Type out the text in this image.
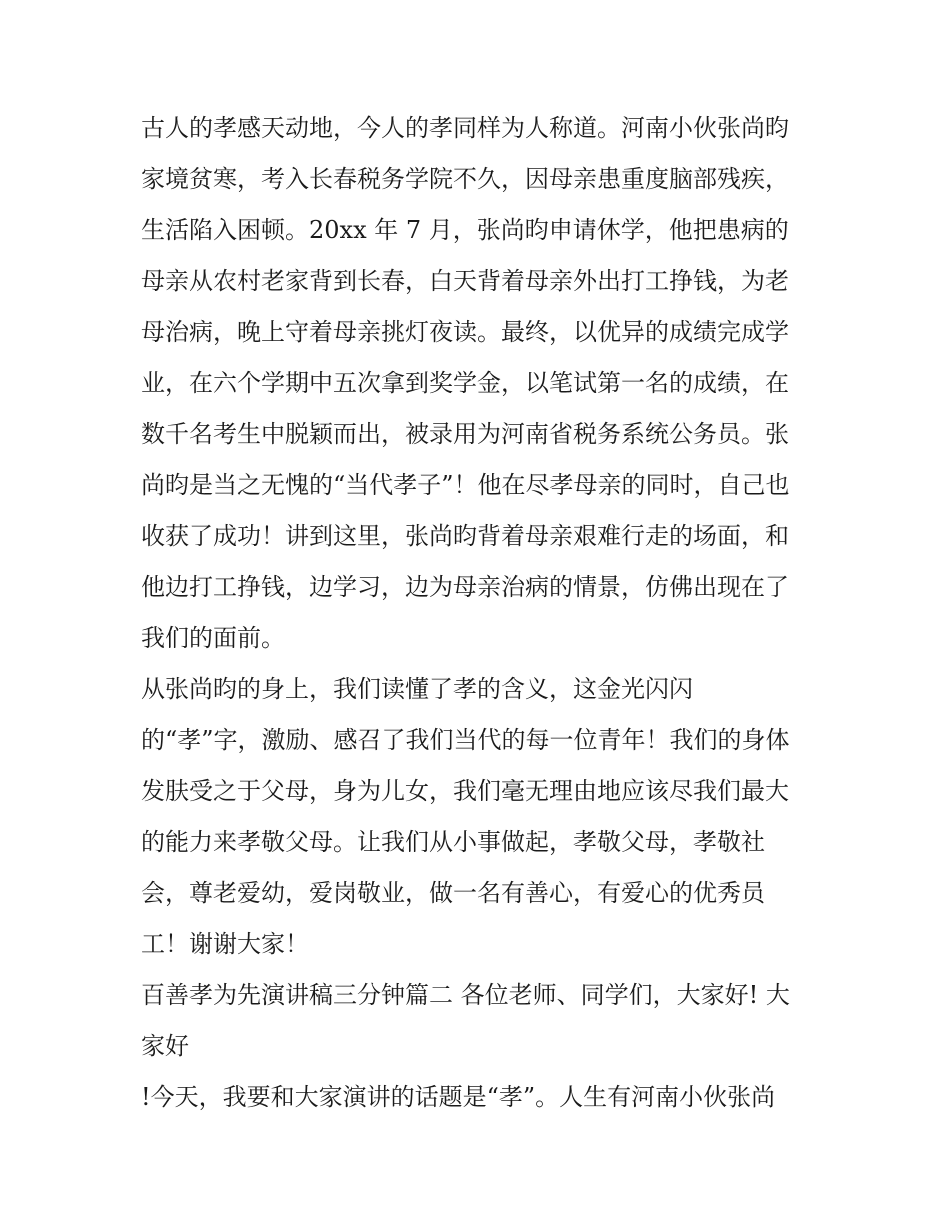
古人的孝感天动地，今人的孝同样为人称道。河南小伙张尚昀
家境贫寒，考入长春税务学院不久，因母亲患重度脑部残疾，
生活陷入困顿。20xx 年 7 月，张尚昀申请休学，他把患病的
母亲从农村老家背到长春，白天背着母亲外出打工挣钱，为老
母治病，晚上守着母亲挑灯夜读。最终，以优异的成绩完成学
业，在六个学期中五次拿到奖学金，以笔试第一名的成绩，在
数千名考生中脱颖而出，被录用为河南省税务系统公务员。张
尚昀是当之无愧的“当代孝子”！他在尽孝母亲的同时，自己也
收获了成功！讲到这里，张尚昀背着母亲艰难行走的场面，和
他边打工挣钱，边学习，边为母亲治病的情景，仿佛出现在了
我们的面前。
从张尚昀的身上，我们读懂了孝的含义，这金光闪闪
的“孝”字，激励、感召了我们当代的每一位青年！我们的身体
发肤受之于父母，身为儿女，我们毫无理由地应该尽我们最大
的能力来孝敬父母。让我们从小事做起，孝敬父母，孝敬社
会，尊老爱幼，爱岗敬业，做一名有善心，有爱心的优秀员
工！谢谢大家！
百善孝为先演讲稿三分钟篇二 各位老师、同学们，大家好! 大
家好
!今天，我要和大家演讲的话题是“孝”。人生有河南小伙张尚
